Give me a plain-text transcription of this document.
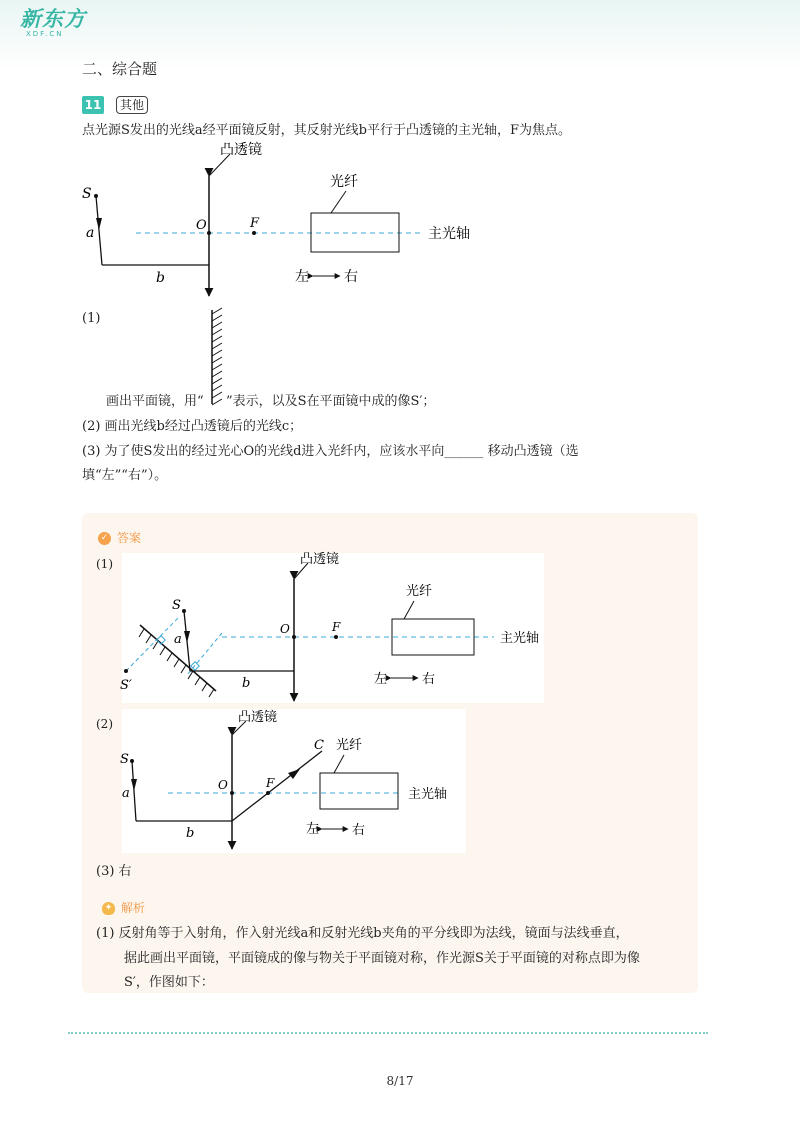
新东方
XDF.CN
二、综合题
11	其他
点光源S发出的光线a经平面镜反射，其反射光线b平行于凸透镜的主光轴，F为焦点。
凸透镜
主光轴
光纤
S
a
b
O	F
左	右
(1)
画出平面镜，用“ ”表示，以及S在平面镜中成的像S′；
(2) 画出光线b经过凸透镜后的光线c；
(3) 为了使S发出的经过光心O的光线d进入光纤内，应该水平向______ 移动凸透镜（选
填“左”“右”）。
✓ 答案
(1)
S
S′
a
b
凸透镜
O	F
光纤
主光轴
左	右
(2)	凸透镜
主光轴
S
a
b
C
O	F
光纤
左	右
(3) 右
✦ 解析
(1) 反射角等于入射角，作入射光线a和反射光线b夹角的平分线即为法线，镜面与法线垂直，
据此画出平面镜，平面镜成的像与物关于平面镜对称，作光源S关于平面镜的对称点即为像
S′，作图如下：
8/17
